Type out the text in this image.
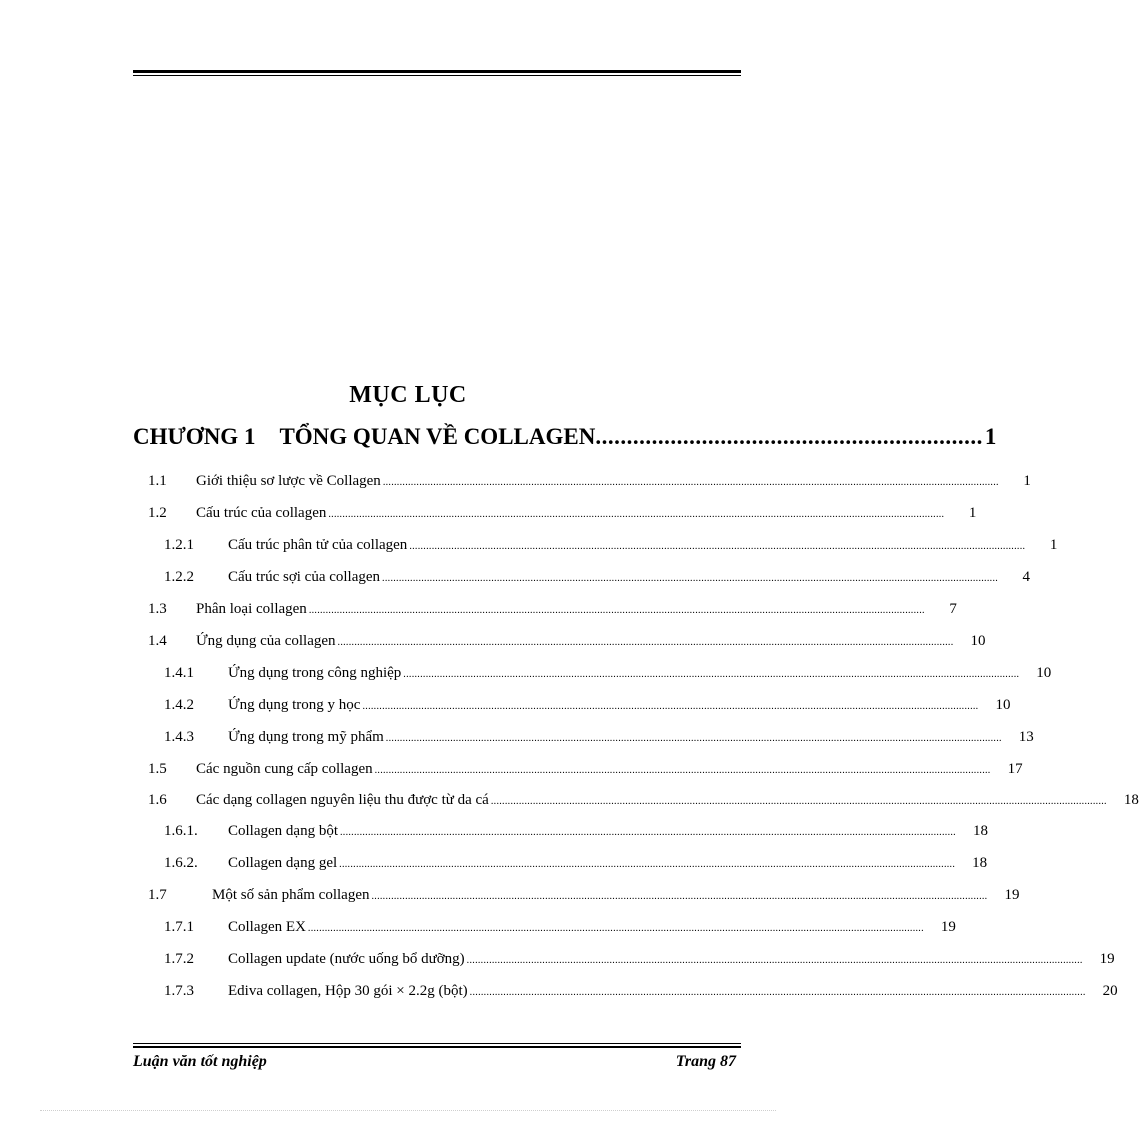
MỤC LỤC
CHƯƠNG 1 TỔNG QUAN VỀ COLLAGEN .............................................................. 1
1.1	Giới thiệu sơ lược về Collagen ............................................................................................................................................................................................................................	1
1.2	Cấu trúc của collagen ............................................................................................................................................................................................................................	1
1.2.1	Cấu trúc phân tử của collagen ............................................................................................................................................................................................................................	1
1.2.2	Cấu trúc sợi của collagen ............................................................................................................................................................................................................................	4
1.3	Phân loại collagen ............................................................................................................................................................................................................................	7
1.4	Ứng dụng của collagen ............................................................................................................................................................................................................................	10
1.4.1	Ứng dụng trong công nghiệp ............................................................................................................................................................................................................................	10
1.4.2	Ứng dụng trong y học ............................................................................................................................................................................................................................	10
1.4.3	Ứng dụng trong mỹ phẩm ............................................................................................................................................................................................................................	13
1.5	Các nguồn cung cấp collagen ............................................................................................................................................................................................................................	17
1.6	Các dạng collagen nguyên liệu thu được từ da cá ............................................................................................................................................................................................................................	18
1.6.1.	Collagen dạng bột ............................................................................................................................................................................................................................	18
1.6.2.	Collagen dạng gel ............................................................................................................................................................................................................................	18
1.7	Một số sản phẩm collagen ............................................................................................................................................................................................................................	19
1.7.1	Collagen EX ............................................................................................................................................................................................................................	19
1.7.2	Collagen update (nước uống bổ dưỡng) ............................................................................................................................................................................................................................	19
1.7.3	Ediva collagen, Hộp 30 gói × 2.2g (bột) ............................................................................................................................................................................................................................	20
Luận văn tốt nghiệp	Trang 87
